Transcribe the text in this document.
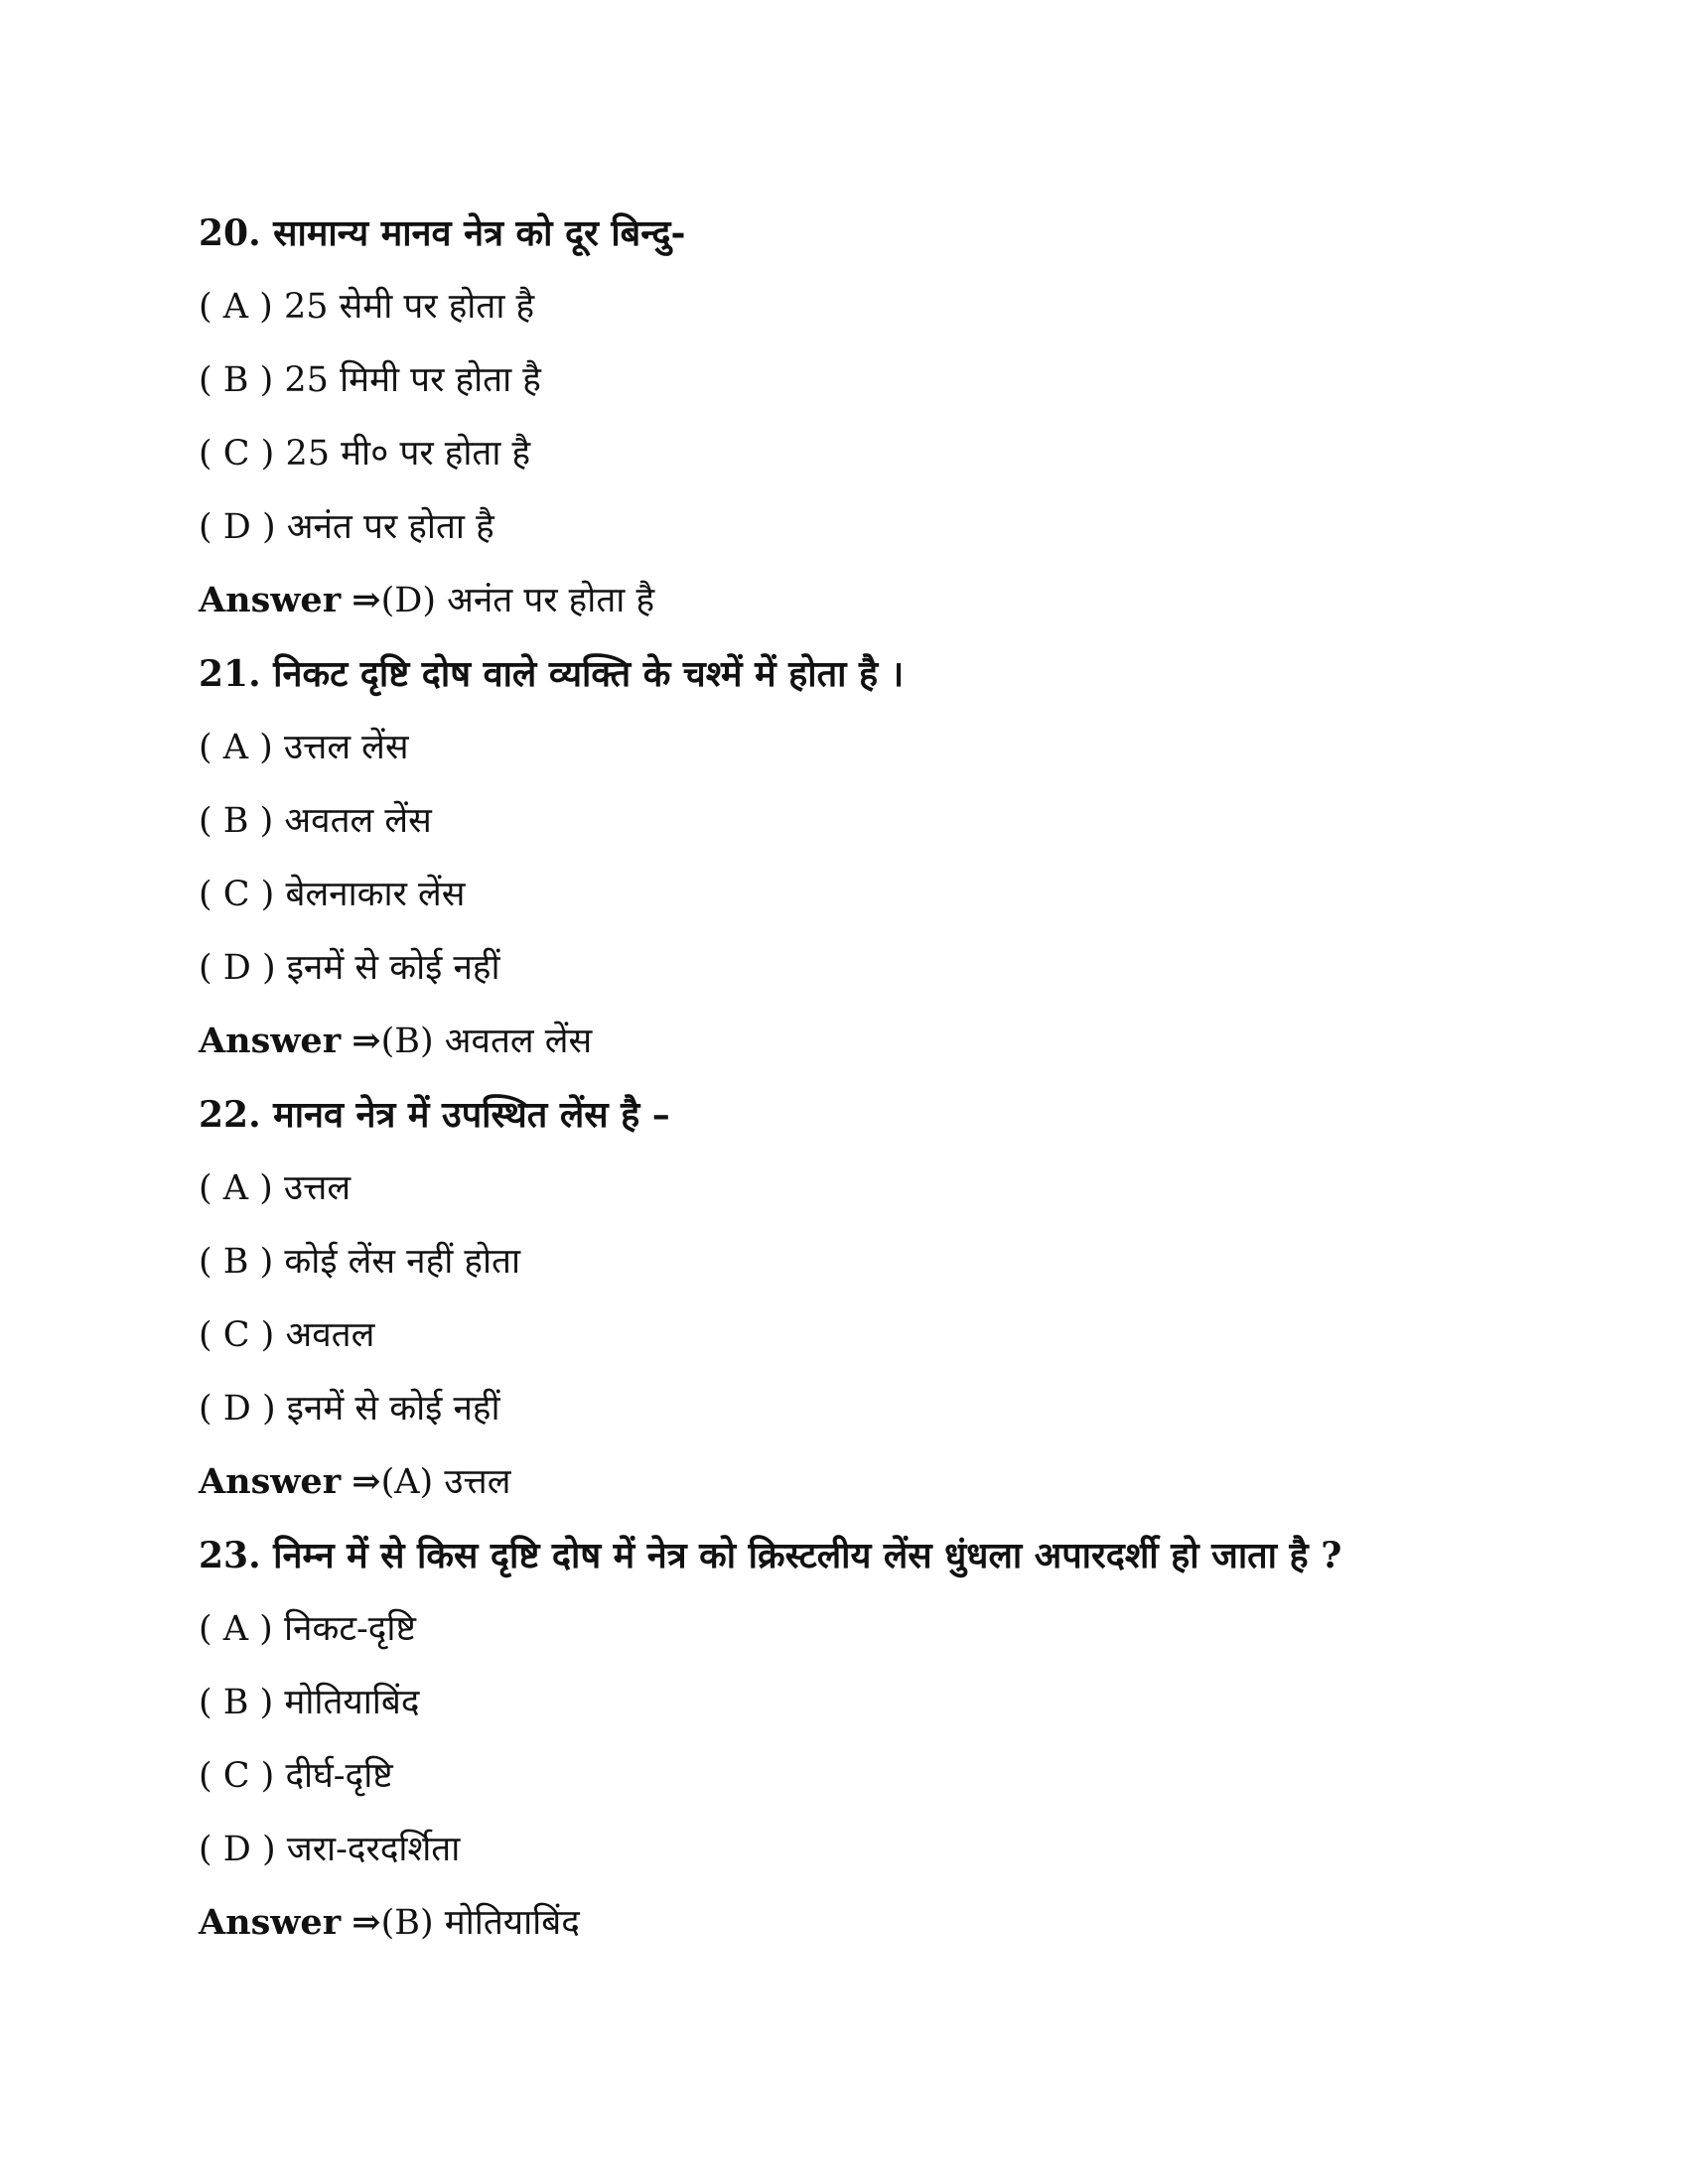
20. सामान्य मानव नेत्र को दूर बिन्दु-
( A ) 25 सेमी पर होता है
( B ) 25 मिमी पर होता है
( C ) 25 मी० पर होता है
( D ) अनंत पर होता है
Answer ⇒(D) अनंत पर होता है
21. निकट दृष्टि दोष वाले व्यक्ति के चश्में में होता है ।
( A ) उत्तल लेंस
( B ) अवतल लेंस
( C ) बेलनाकार लेंस
( D ) इनमें से कोई नहीं
Answer ⇒(B) अवतल लेंस
22. मानव नेत्र में उपस्थित लेंस है –
( A ) उत्तल
( B ) कोई लेंस नहीं होता
( C ) अवतल
( D ) इनमें से कोई नहीं
Answer ⇒(A) उत्तल
23. निम्न में से किस दृष्टि दोष में नेत्र को क्रिस्टलीय लेंस धुंधला अपारदर्शी हो जाता है ?
( A ) निकट-दृष्टि
( B ) मोतियाबिंद
( C ) दीर्घ-दृष्टि
( D ) जरा-दरदर्शिता
Answer ⇒(B) मोतियाबिंद
